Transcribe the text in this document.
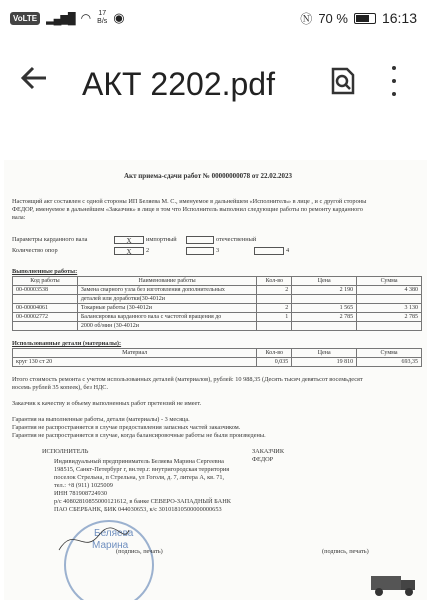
VoLTE ▂▄▆█ ◠ 17
B/s ◉	Ⓝ 70 % 16:13
АКТ 2202.pdf
Акт приема-сдачи работ № 00000000078 от 22.02.2023
Настоящий акт составлен с одной стороны ИП Беляева М. С., именуемое в дальнейшем «Исполнитель» в лице , и с другой стороны
ФЕДОР, именуемое в дальнейшем «Заказчик» в лице в том что Исполнитель выполнил следующие работы по ремонту карданного
вала:
Параметры карданного вала	X	импортный	отечественный
Количество опор	X	2	3	4
Выполненные работы:
Код работы	Наименование работы	Кол-во	Цена	Сумма
00-00003538	Замена сварного узла без изготовления дополнительных	2	2 190	4 380
	деталей или доработки(30-4012и			
00-00004061	Токарные работы (30-4012и	2	1 565	3 130
00-00002772	Балансировка карданного вала с частотой вращения до	1	2 785	2 785
	2000 об/мин (30-4012и			
Использованные детали (материалы):
Материал	Кол-во	Цена	Сумма
круг 130 ст 20	0,035	19 810	693,35
Итого стоимость ремонта с учетом использованных деталей (материалов), рублей: 10 988,35 (Десять тысяч девятьсот восемьдесят
восемь рублей 35 копеек), без НДС.
Заказчик к качеству и объему выполненных работ претензий не имеет.
Гарантия на выполненные работы, детали (материалы) - 3 месяца.
Гарантия не распространяется в случае предоставления запасных частей заказчиком.
Гарантия не распространяется в случае, когда балансировочные работы не были произведены.
ИСПОЛНИТЕЛЬ	ЗАКАЗЧИК
ФЕДОР
Индивидуальный предприниматель Беляева Марина Сергеевна
198515, Санкт-Петербург г, вн.тер.г. внутригородская территория
поселок Стрельна, п Стрельна, ул Гоголя, д. 7, литера А, кв. 71,
тел.: +8 (911) 1025009
ИНН 781908724930
р/с 40802810855000121612, в банке СЕВЕРО-ЗАПАДНЫЙ БАНК
ПАО СБЕРБАНК, БИК 044030653, к/с 30101810500000000653
Беляева
Марина
(подпись, печать)	(подпись, печать)
